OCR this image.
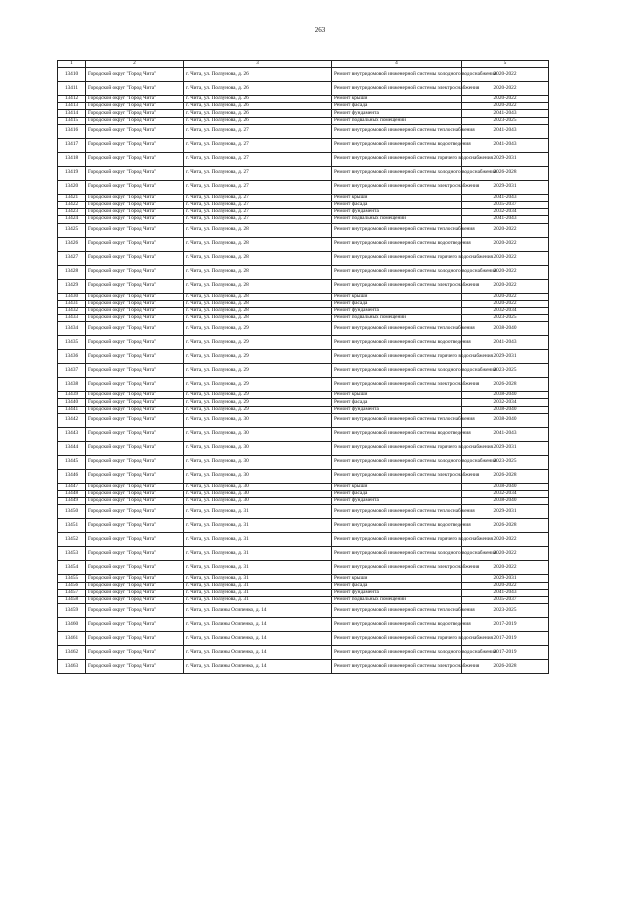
263
1	2	3	4	5
13410	Городской округ "Город Чита"	г. Чита, ул. Ползунова, д. 26	Ремонт внутридомовой инженерной системы холодного водоснабжения	2020-2022
13411	Городской округ "Город Чита"	г. Чита, ул. Ползунова, д. 26	Ремонт внутридомовой инженерной системы электроснабжения	2020-2022
13412	Городской округ "Город Чита"	г. Чита, ул. Ползунова, д. 26	Ремонт крыши	2020-2022
13413	Городской округ "Город Чита"	г. Чита, ул. Ползунова, д. 26	Ремонт фасада	2020-2022
13414	Городской округ "Город Чита"	г. Чита, ул. Ползунова, д. 26	Ремонт фундамента	2041-2043
13415	Городской округ "Город Чита"	г. Чита, ул. Ползунова, д. 26	Ремонт подвальных помещений	2023-2025
13416	Городской округ "Город Чита"	г. Чита, ул. Ползунова, д. 27	Ремонт внутридомовой инженерной системы теплоснабжения	2041-2043
13417	Городской округ "Город Чита"	г. Чита, ул. Ползунова, д. 27	Ремонт внутридомовой инженерной системы водоотведения	2041-2043
13418	Городской округ "Город Чита"	г. Чита, ул. Ползунова, д. 27	Ремонт внутридомовой инженерной системы горячего водоснабжения	2029-2031
13419	Городской округ "Город Чита"	г. Чита, ул. Ползунова, д. 27	Ремонт внутридомовой инженерной системы холодного водоснабжения	2026-2028
13420	Городской округ "Город Чита"	г. Чита, ул. Ползунова, д. 27	Ремонт внутридомовой инженерной системы электроснабжения	2029-2031
13421	Городской округ "Город Чита"	г. Чита, ул. Ползунова, д. 27	Ремонт крыши	2041-2043
13422	Городской округ "Город Чита"	г. Чита, ул. Ползунова, д. 27	Ремонт фасада	2035-2037
13423	Городской округ "Город Чита"	г. Чита, ул. Ползунова, д. 27	Ремонт фундамента	2032-2034
13424	Городской округ "Город Чита"	г. Чита, ул. Ползунова, д. 27	Ремонт подвальных помещений	2041-2043
13425	Городской округ "Город Чита"	г. Чита, ул. Ползунова, д. 28	Ремонт внутридомовой инженерной системы теплоснабжения	2020-2022
13426	Городской округ "Город Чита"	г. Чита, ул. Ползунова, д. 28	Ремонт внутридомовой инженерной системы водоотведения	2020-2022
13427	Городской округ "Город Чита"	г. Чита, ул. Ползунова, д. 28	Ремонт внутридомовой инженерной системы горячего водоснабжения	2020-2022
13428	Городской округ "Город Чита"	г. Чита, ул. Ползунова, д. 28	Ремонт внутридомовой инженерной системы холодного водоснабжения	2020-2022
13429	Городской округ "Город Чита"	г. Чита, ул. Ползунова, д. 28	Ремонт внутридомовой инженерной системы электроснабжения	2020-2022
13430	Городской округ "Город Чита"	г. Чита, ул. Ползунова, д. 28	Ремонт крыши	2020-2022
13431	Городской округ "Город Чита"	г. Чита, ул. Ползунова, д. 28	Ремонт фасада	2020-2022
13432	Городской округ "Город Чита"	г. Чита, ул. Ползунова, д. 28	Ремонт фундамента	2032-2034
13433	Городской округ "Город Чита"	г. Чита, ул. Ползунова, д. 28	Ремонт подвальных помещений	2023-2025
13434	Городской округ "Город Чита"	г. Чита, ул. Ползунова, д. 29	Ремонт внутридомовой инженерной системы теплоснабжения	2038-2040
13435	Городской округ "Город Чита"	г. Чита, ул. Ползунова, д. 29	Ремонт внутридомовой инженерной системы водоотведения	2041-2043
13436	Городской округ "Город Чита"	г. Чита, ул. Ползунова, д. 29	Ремонт внутридомовой инженерной системы горячего водоснабжения	2029-2031
13437	Городской округ "Город Чита"	г. Чита, ул. Ползунова, д. 29	Ремонт внутридомовой инженерной системы холодного водоснабжения	2023-2025
13438	Городской округ "Город Чита"	г. Чита, ул. Ползунова, д. 29	Ремонт внутридомовой инженерной системы электроснабжения	2026-2028
13439	Городской округ "Город Чита"	г. Чита, ул. Ползунова, д. 29	Ремонт крыши	2038-2040
13440	Городской округ "Город Чита"	г. Чита, ул. Ползунова, д. 29	Ремонт фасада	2032-2034
13441	Городской округ "Город Чита"	г. Чита, ул. Ползунова, д. 29	Ремонт фундамента	2038-2040
13442	Городской округ "Город Чита"	г. Чита, ул. Ползунова, д. 30	Ремонт внутридомовой инженерной системы теплоснабжения	2038-2040
13443	Городской округ "Город Чита"	г. Чита, ул. Ползунова, д. 30	Ремонт внутридомовой инженерной системы водоотведения	2041-2043
13444	Городской округ "Город Чита"	г. Чита, ул. Ползунова, д. 30	Ремонт внутридомовой инженерной системы горячего водоснабжения	2029-2031
13445	Городской округ "Город Чита"	г. Чита, ул. Ползунова, д. 30	Ремонт внутридомовой инженерной системы холодного водоснабжения	2023-2025
13446	Городской округ "Город Чита"	г. Чита, ул. Ползунова, д. 30	Ремонт внутридомовой инженерной системы электроснабжения	2026-2028
13447	Городской округ "Город Чита"	г. Чита, ул. Ползунова, д. 30	Ремонт крыши	2038-2040
13448	Городской округ "Город Чита"	г. Чита, ул. Ползунова, д. 30	Ремонт фасада	2032-2034
13449	Городской округ "Город Чита"	г. Чита, ул. Ползунова, д. 30	Ремонт фундамента	2038-2040
13450	Городской округ "Город Чита"	г. Чита, ул. Ползунова, д. 31	Ремонт внутридомовой инженерной системы теплоснабжения	2029-2031
13451	Городской округ "Город Чита"	г. Чита, ул. Ползунова, д. 31	Ремонт внутридомовой инженерной системы водоотведения	2026-2028
13452	Городской округ "Город Чита"	г. Чита, ул. Ползунова, д. 31	Ремонт внутридомовой инженерной системы горячего водоснабжения	2020-2022
13453	Городской округ "Город Чита"	г. Чита, ул. Ползунова, д. 31	Ремонт внутридомовой инженерной системы холодного водоснабжения	2020-2022
13454	Городской округ "Город Чита"	г. Чита, ул. Ползунова, д. 31	Ремонт внутридомовой инженерной системы электроснабжения	2020-2022
13455	Городской округ "Город Чита"	г. Чита, ул. Ползунова, д. 31	Ремонт крыши	2029-2031
13456	Городской округ "Город Чита"	г. Чита, ул. Ползунова, д. 31	Ремонт фасада	2020-2022
13457	Городской округ "Город Чита"	г. Чита, ул. Ползунова, д. 31	Ремонт фундамента	2041-2043
13458	Городской округ "Город Чита"	г. Чита, ул. Ползунова, д. 31	Ремонт подвальных помещений	2035-2037
13459	Городской округ "Город Чита"	г. Чита, ул. Полины Осипенко, д. 14	Ремонт внутридомовой инженерной системы теплоснабжения	2023-2025
13460	Городской округ "Город Чита"	г. Чита, ул. Полины Осипенко, д. 14	Ремонт внутридомовой инженерной системы водоотведения	2017-2019
13461	Городской округ "Город Чита"	г. Чита, ул. Полины Осипенко, д. 14	Ремонт внутридомовой инженерной системы горячего водоснабжения	2017-2019
13462	Городской округ "Город Чита"	г. Чита, ул. Полины Осипенко, д. 14	Ремонт внутридомовой инженерной системы холодного водоснабжения	2017-2019
13463	Городской округ "Город Чита"	г. Чита, ул. Полины Осипенко, д. 14	Ремонт внутридомовой инженерной системы электроснабжения	2026-2028
